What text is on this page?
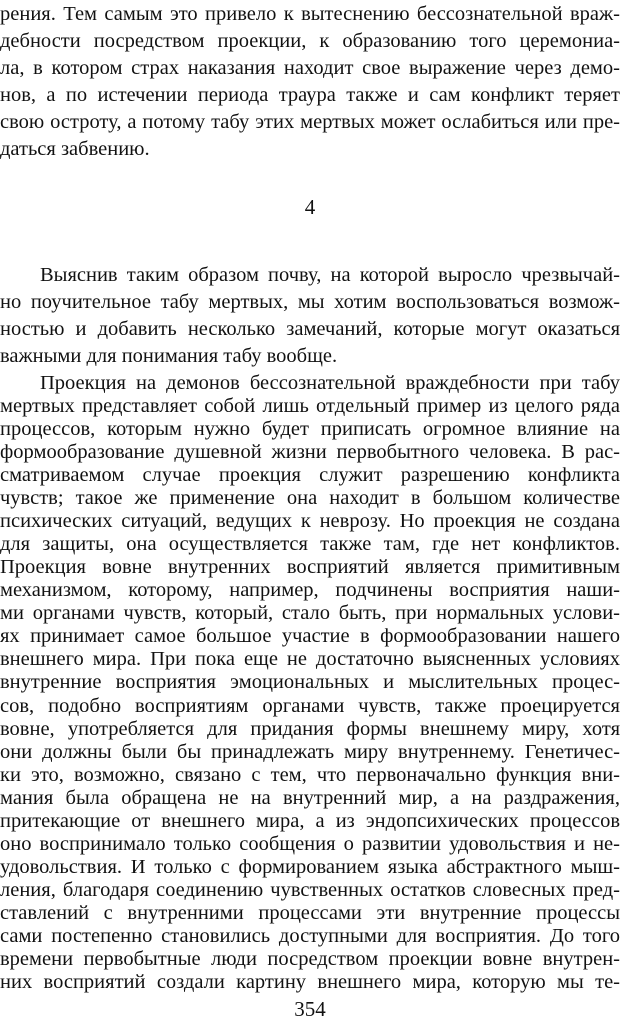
рения. Тем самым это привело к вытеснению бессознательной враж-
дебности посредством проекции, к образованию того церемониа-
ла, в котором страх наказания находит свое выражение через демо-
нов, а по истечении периода траура также и сам конфликт теряет
свою остроту, а потому табу этих мертвых может ослабиться или пре-
даться забвению.
4
Выяснив таким образом почву, на которой выросло чрезвычай-
но поучительное табу мертвых, мы хотим воспользоваться возмож-
ностью и добавить несколько замечаний, которые могут оказаться
важными для понимания табу вообще.
Проекция на демонов бессознательной враждебности при табу
мертвых представляет собой лишь отдельный пример из целого ряда
процессов, которым нужно будет приписать огромное влияние на
формообразование душевной жизни первобытного человека. В рас-
сматриваемом случае проекция служит разрешению конфликта
чувств; такое же применение она находит в большом количестве
психических ситуаций, ведущих к неврозу. Но проекция не создана
для защиты, она осуществляется также там, где нет конфликтов.
Проекция вовне внутренних восприятий является примитивным
механизмом, которому, например, подчинены восприятия наши-
ми органами чувств, который, стало быть, при нормальных услови-
ях принимает самое большое участие в формообразовании нашего
внешнего мира. При пока еще не достаточно выясненных условиях
внутренние восприятия эмоциональных и мыслительных процес-
сов, подобно восприятиям органами чувств, также проецируется
вовне, употребляется для придания формы внешнему миру, хотя
они должны были бы принадлежать миру внутреннему. Генетичес-
ки это, возможно, связано с тем, что первоначально функция вни-
мания была обращена не на внутренний мир, а на раздражения,
притекающие от внешнего мира, а из эндопсихических процессов
оно воспринимало только сообщения о развитии удовольствия и не-
удовольствия. И только с формированием языка абстрактного мыш-
ления, благодаря соединению чувственных остатков словесных пред-
ставлений с внутренними процессами эти внутренние процессы
сами постепенно становились доступными для восприятия. До того
времени первобытные люди посредством проекции вовне внутрен-
них восприятий создали картину внешнего мира, которую мы те-
354
